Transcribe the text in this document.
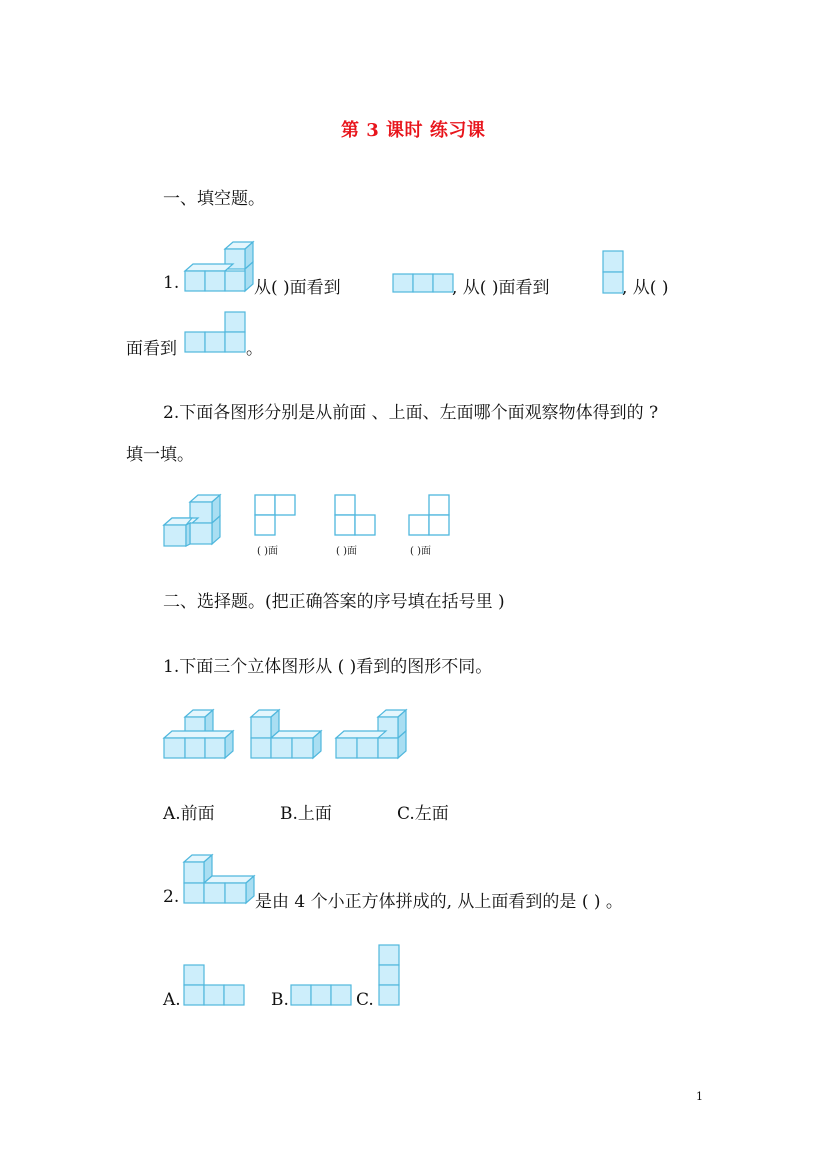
第 3 课时 练习课
一、填空题。
1.	从( )面看到	, 从( )面看到	, 从( )
面看到	。
2.下面各图形分别是从前面 、上面、左面哪个面观察物体得到的 ?
填一填。
( )面	( )面	( )面
二、选择题。(把正确答案的序号填在括号里 )
1.下面三个立体图形从 ( )看到的图形不同。
A.前面	B.上面	C.左面
2.	是由 4 个小正方体拼成的, 从上面看到的是 ( ) 。
A.	B.	C.
1
